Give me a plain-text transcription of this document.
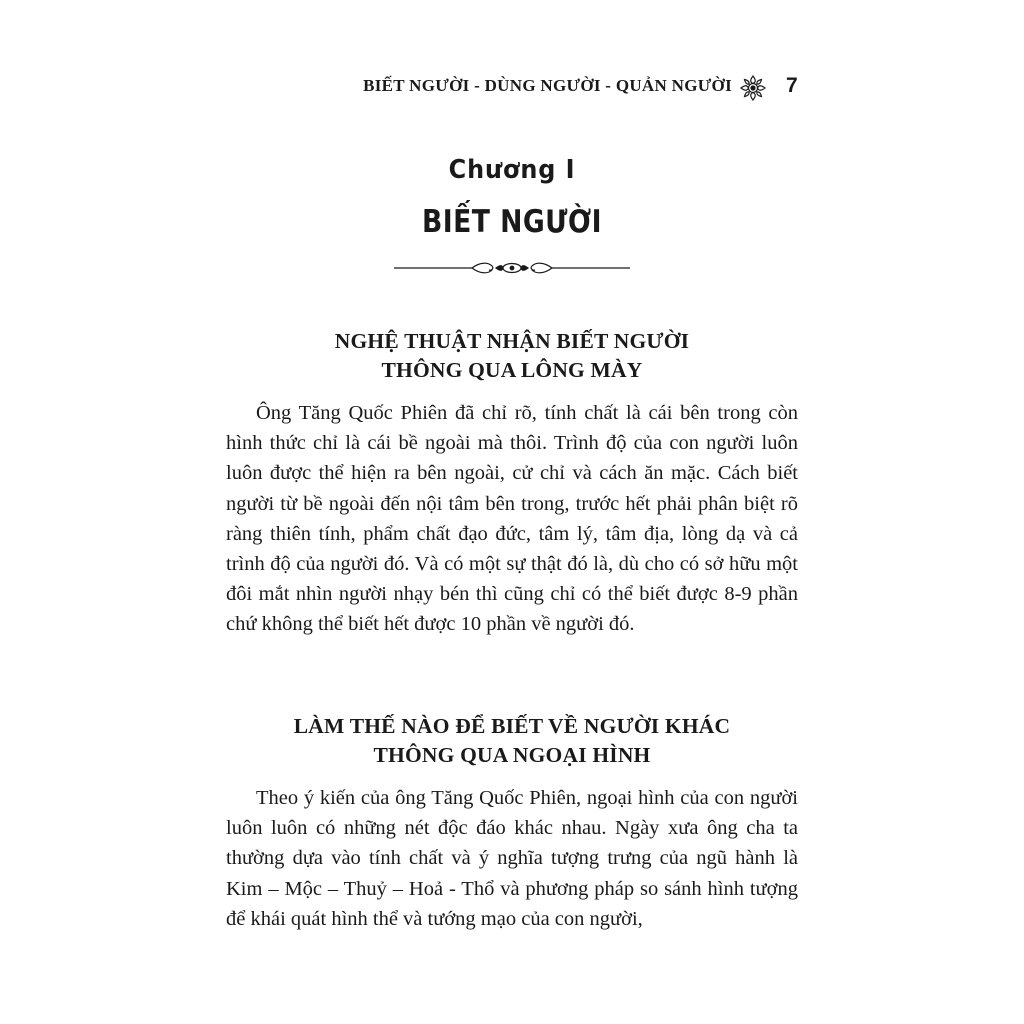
BIẾT NGƯỜI - DÙNG NGƯỜI - QUẢN NGƯỜI	7
Chương I
BIẾT NGƯỜI
NGHỆ THUẬT NHẬN BIẾT NGƯỜI
THÔNG QUA LÔNG MÀY

Ông Tăng Quốc Phiên đã chỉ rõ, tính chất là cái bên trong còn hình thức chỉ là cái bề ngoài mà thôi. Trình độ của con người luôn luôn được thể hiện ra bên ngoài, cử chỉ và cách ăn mặc. Cách biết người từ bề ngoài đến nội tâm bên trong, trước hết phải phân biệt rõ ràng thiên tính, phẩm chất đạo đức, tâm lý, tâm địa, lòng dạ và cả trình độ của người đó. Và có một sự thật đó là, dù cho có sở hữu một đôi mắt nhìn người nhạy bén thì cũng chỉ có thể biết được 8-9 phần chứ không thể biết hết được 10 phần về người đó.

LÀM THẾ NÀO ĐỂ BIẾT VỀ NGƯỜI KHÁC
THÔNG QUA NGOẠI HÌNH

Theo ý kiến của ông Tăng Quốc Phiên, ngoại hình của con người luôn luôn có những nét độc đáo khác nhau. Ngày xưa ông cha ta thường dựa vào tính chất và ý nghĩa tượng trưng của ngũ hành là Kim – Mộc – Thuỷ – Hoả - Thổ và phương pháp so sánh hình tượng để khái quát hình thể và tướng mạo của con người,
